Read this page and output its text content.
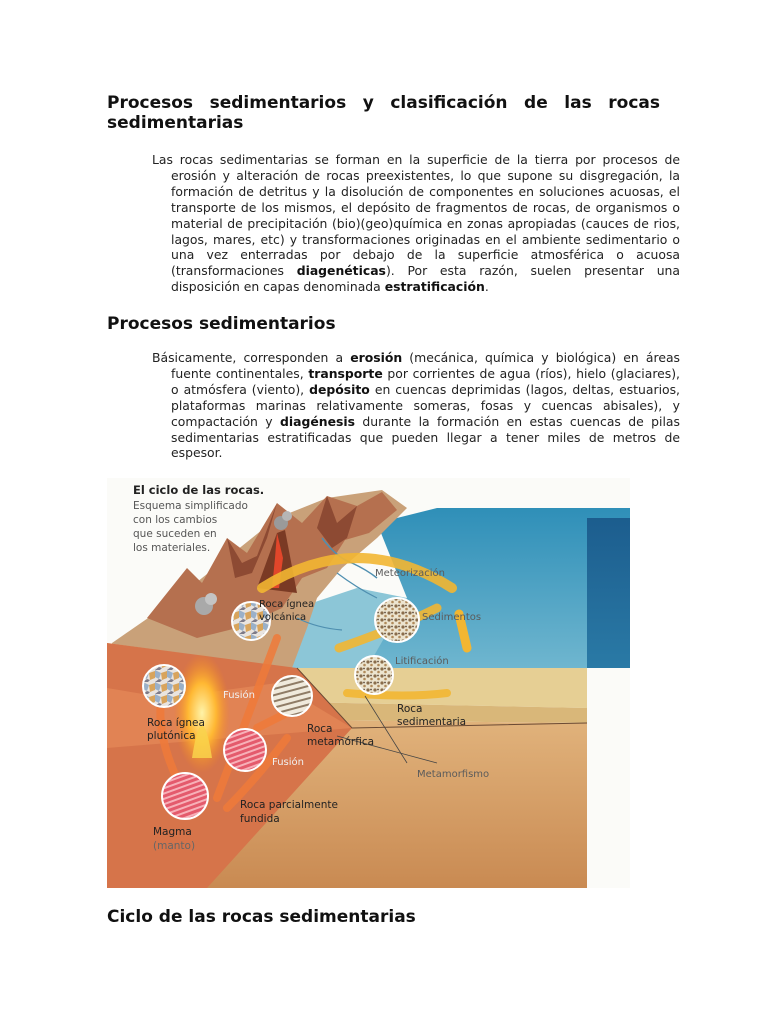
Procesos sedimentarios y clasificación de las rocas sedimentarias

Las rocas sedimentarias se forman en la superficie de la tierra por procesos de erosión y alteración de rocas preexistentes, lo que supone su disgregación, la formación de detritus y la disolución de componentes en soluciones acuosas, el transporte de los mismos, el depósito de fragmentos de rocas, de organismos o material de precipitación (bio)(geo)química en zonas apropiadas (cauces de rios, lagos, mares, etc) y transformaciones originadas en el ambiente sedimentario o una vez enterradas por debajo de la superficie atmosférica o acuosa (transformaciones diagenéticas). Por esta razón, suelen presentar una disposición en capas denominada estratificación.

Procesos sedimentarios

Básicamente, corresponden a erosión (mecánica, química y biológica) en áreas fuente continentales, transporte por corrientes de agua (ríos), hielo (glaciares), o atmósfera (viento), depósito en cuencas deprimidas (lagos, deltas, estuarios, plataformas marinas relativamente someras, fosas y cuencas abisales), y compactación y diagénesis durante la formación en estas cuencas de pilas sedimentarias estratificadas que pueden llegar a tener miles de metros de espesor.

El ciclo de las rocas.
Esquema simplificado
con los cambios
que suceden en
los materiales.
Meteorización
Sedimentos
Litificación
Roca ígnea
volcánica
Roca
sedimentaria
Fusión
Fusión
Roca ígnea
plutónica
Roca
metamórfica
Metamorfismo
Roca parcialmente
fundida
Magma
(manto)
Ciclo de las rocas sedimentarias
